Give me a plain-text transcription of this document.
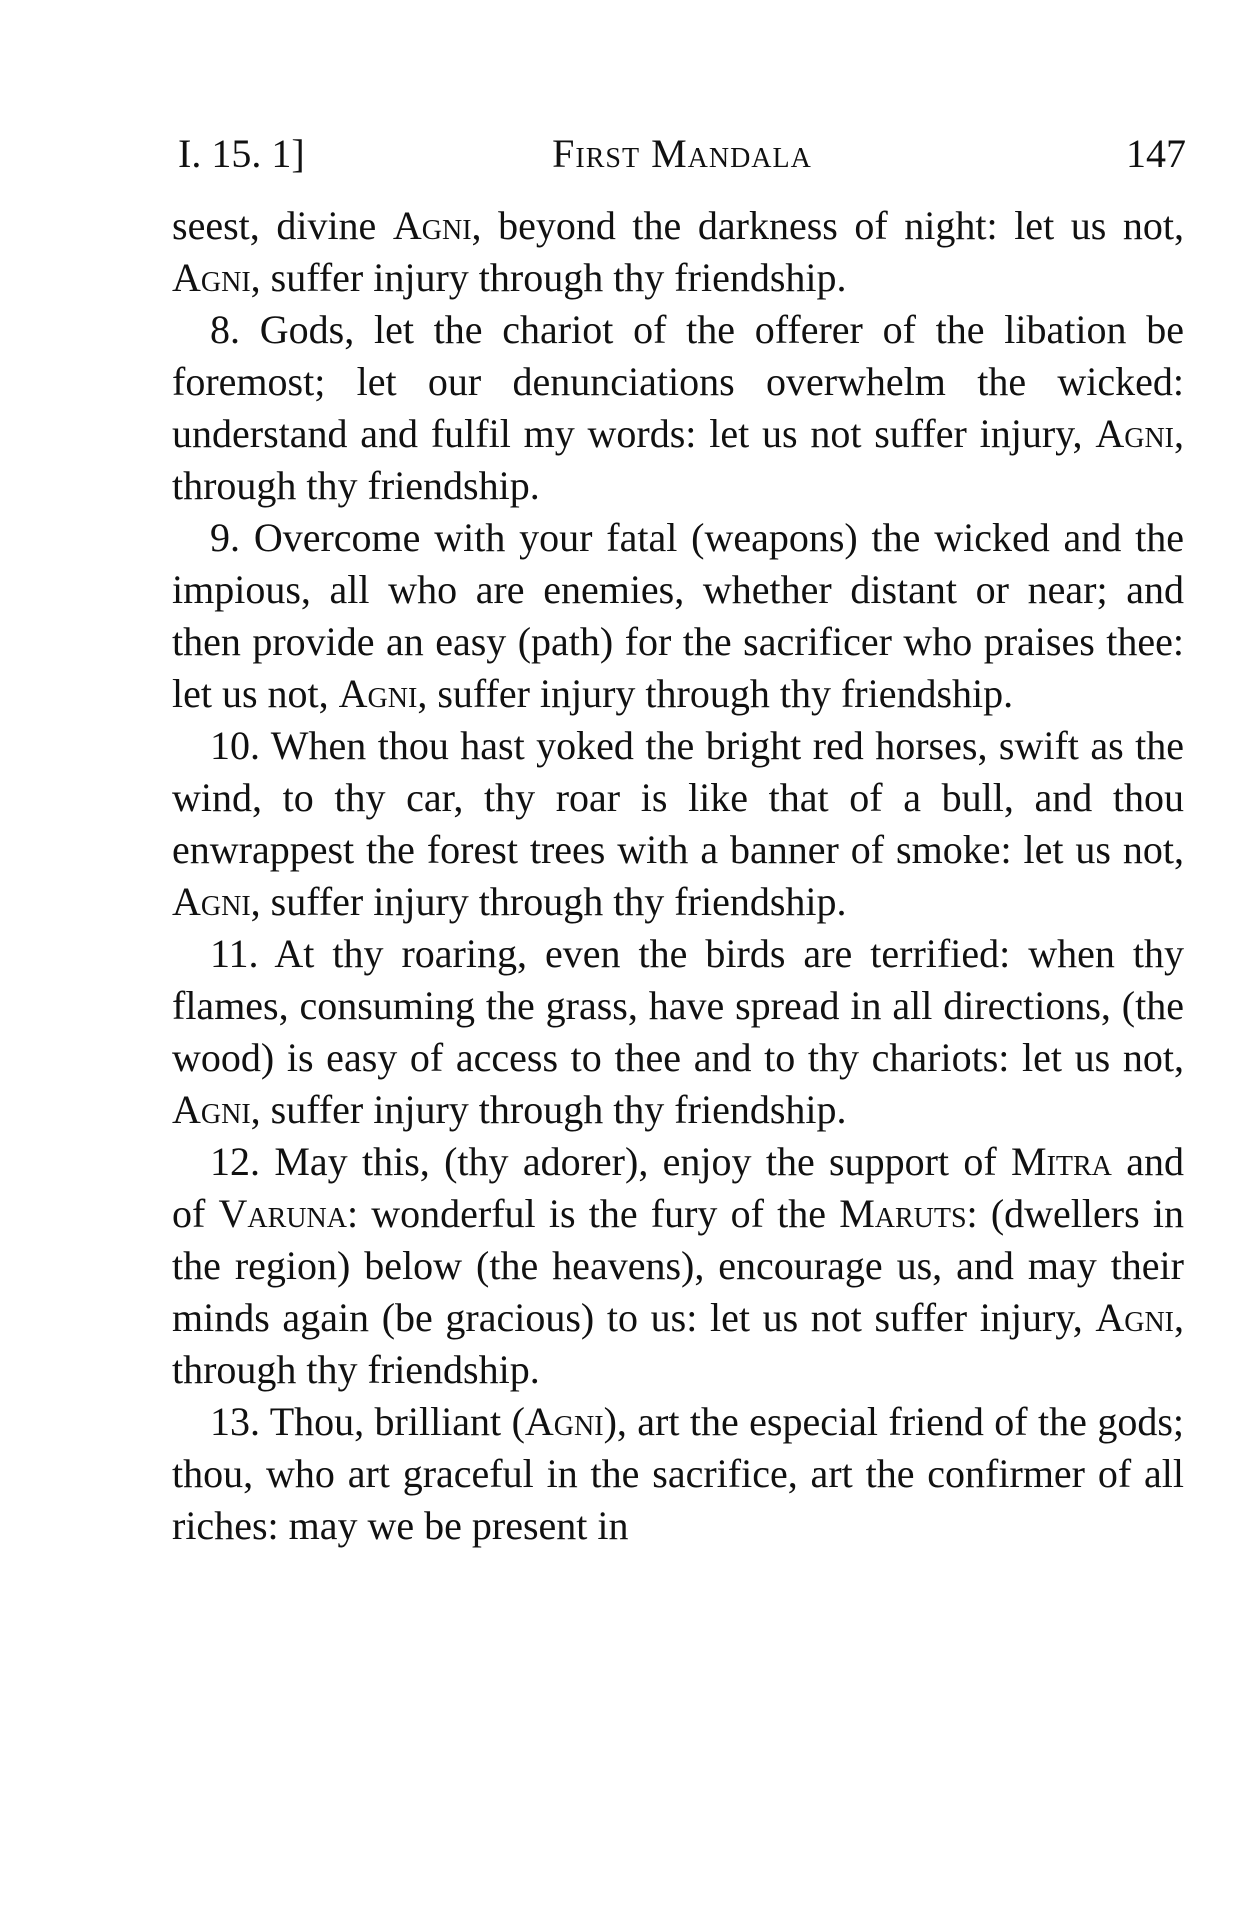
I. 15. 1]	First Mandala	147

seest, divine Agni, beyond the darkness of night: let us not, Agni, suffer injury through thy friendship.

8. Gods, let the chariot of the offerer of the libation be foremost; let our denunciations overwhelm the wicked: understand and fulfil my words: let us not suffer injury, Agni, through thy friendship.

9. Overcome with your fatal (weapons) the wicked and the impious, all who are enemies, whether distant or near; and then provide an easy (path) for the sacrificer who praises thee: let us not, Agni, suffer injury through thy friendship.

10. When thou hast yoked the bright red horses, swift as the wind, to thy car, thy roar is like that of a bull, and thou enwrappest the forest trees with a banner of smoke: let us not, Agni, suffer injury through thy friendship.

11. At thy roaring, even the birds are terrified: when thy flames, consuming the grass, have spread in all directions, (the wood) is easy of access to thee and to thy chariots: let us not, Agni, suffer injury through thy friendship.

12. May this, (thy adorer), enjoy the support of Mitra and of Varuna: wonderful is the fury of the Maruts: (dwellers in the region) below (the heavens), encourage us, and may their minds again (be gracious) to us: let us not suffer injury, Agni, through thy friendship.

13. Thou, brilliant (Agni), art the especial friend of the gods; thou, who art graceful in the sacrifice, art the confirmer of all riches: may we be present in
